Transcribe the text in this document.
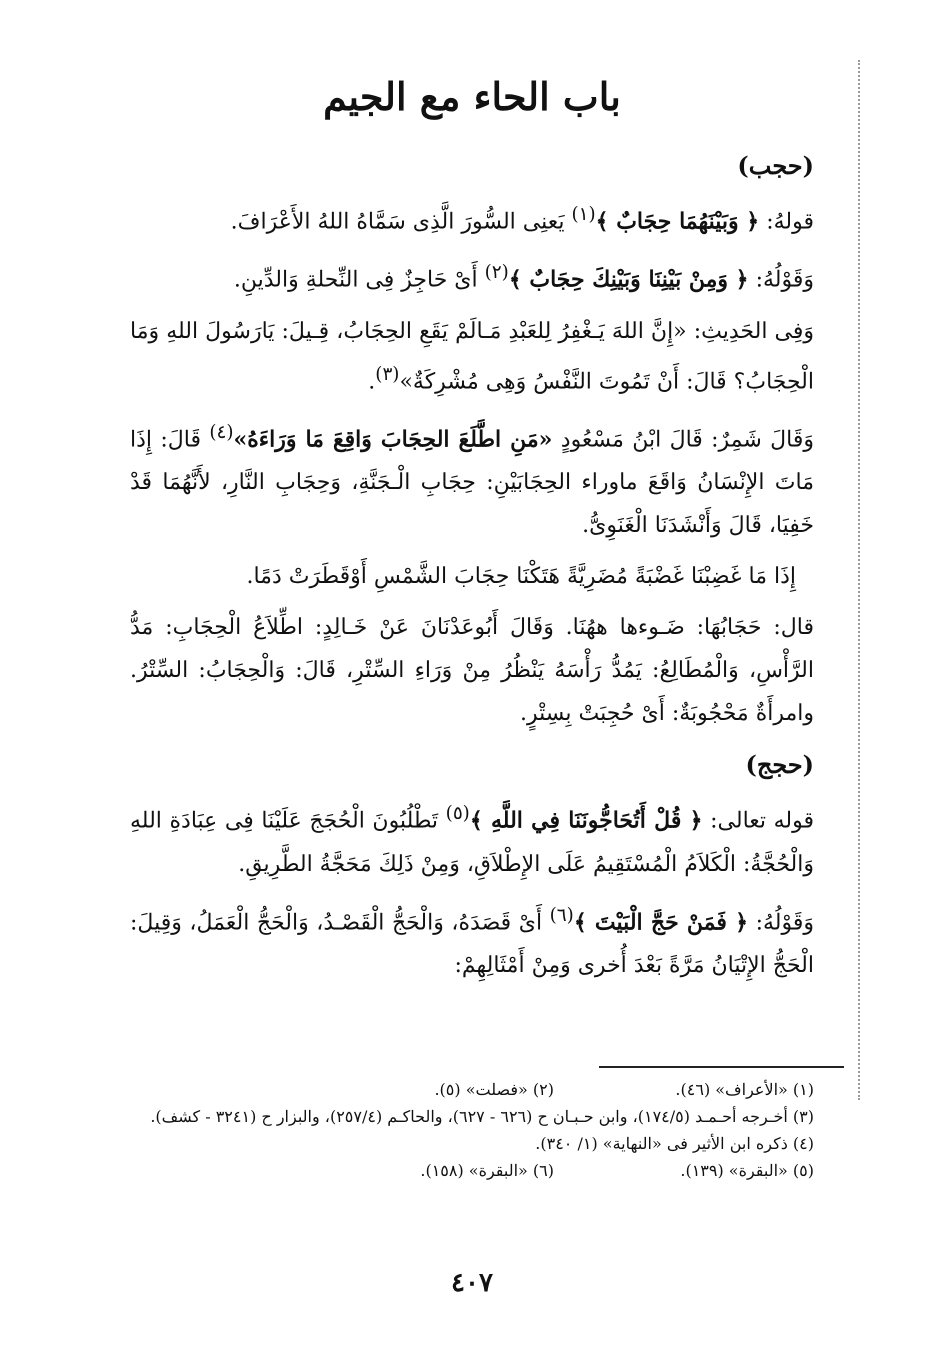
باب الحاء مع الجيم
(حجب)

قولهُ: ﴿ وَبَيْنَهُمَا حِجَابٌ ﴾$^{(١)}$ يَعنِى السُّورَ الَّذِى سَمَّاهُ اللهُ الأَعْرَافَ.

وَقَوْلُهُ: ﴿ وَمِنْ بَيْنِنَا وَبَيْنِكَ حِجَابٌ ﴾$^{(٢)}$ أَىْ حَاجِزٌ فِى النِّحلةِ وَالدِّينِ.

وَفِى الحَدِيثِ: «إِنَّ اللهَ يَـغْفِرُ لِلعَبْدِ مَـالَمْ يَقَعِ الحِجَابُ، قِـيلَ: يَارَسُولَ اللهِ وَمَا الْحِجَابُ؟ قَالَ: أَنْ تَمُوتَ النَّفْسُ وَهِى مُشْرِكَةٌ»$^{(٣)}$.

وَقَالَ شَمِرٌ: قَالَ ابْنُ مَسْعُودٍ «مَنِ اطَّلَعَ الحِجَابَ وَاقِعَ مَا وَرَاءَهُ»$^{(٤)}$ قَالَ: إِذَا مَاتَ الإِنْسَانُ وَاقَعَ ماوراء الحِجَابَيْنِ: حِجَابِ الْـجَنَّةِ، وَحِجَابِ النَّارِ، لأَنَّهُمَا قَدْ خَفِيَا، قَالَ وَأَنْشَدَنَا الْغَنَوِىُّ.

إِذَا مَا غَضِبْنَا غَضْبَةً مُضَرِيَّةً هَتَكْنَا حِجَابَ الشَّمْسِ أَوْقَطَرَتْ دَمًا.

قال: حَجَابُهَا: ضَـوءها ههُنَا. وَقَالَ أَبُوعَدْنَانَ عَنْ خَـالِدٍ: اطِّلاَعُ الْحِجَابِ: مَدُّ الرَّأْسِ، وَالْمُطَالِعُ: يَمُدُّ رَأْسَهُ يَنْظُرُ مِنْ وَرَاءِ السِّتْرِ، قَالَ: وَالْحِجَابُ: السِّتْرُ. وامرأَةٌ مَحْجُوبَةٌ: أَىْ حُجِبَتْ بِسِتْرٍ.

(حجج)

قوله تعالى: ﴿ قُلْ أَتُحَاجُّونَنَا فِي اللَّهِ ﴾$^{(٥)}$ تَطْلُبُونَ الْحُجَجَ عَلَيْنَا فِى عِبَادَةِ اللهِ وَالْحُجَّةُ: الْكَلاَمُ الْمُسْتَقِيمُ عَلَى الإِطْلاَقِ، وَمِنْ ذَلِكَ مَحَجَّةُ الطَّرِيقِ.

وَقَوْلُهُ: ﴿ فَمَنْ حَجَّ الْبَيْتَ ﴾$^{(٦)}$ أَىْ قَصَدَهُ، وَالْحَجُّ الْقَصْـدُ، وَالْحَجُّ الْعَمَلُ، وَقِيلَ: الْحَجُّ الإِتْيَانُ مَرَّةً بَعْدَ أُخرى وَمِنْ أَمْثَالِهِمْ:

(١) «الأعراف» (٤٦).(٢) «فصلت» (٥).
(٣) أخـرجه أحـمـد (١٧٤/٥)، وابن حـبـان ح (٦٢٦ - ٦٢٧)، والحاكـم (٢٥٧/٤)، والبزار ح (٣٢٤١ - كشف).
(٤) ذكره ابن الأثير فى «النهاية» (١/ ٣٤٠).
(٥) «البقرة» (١٣٩).(٦) «البقرة» (١٥٨).
٤٠٧
